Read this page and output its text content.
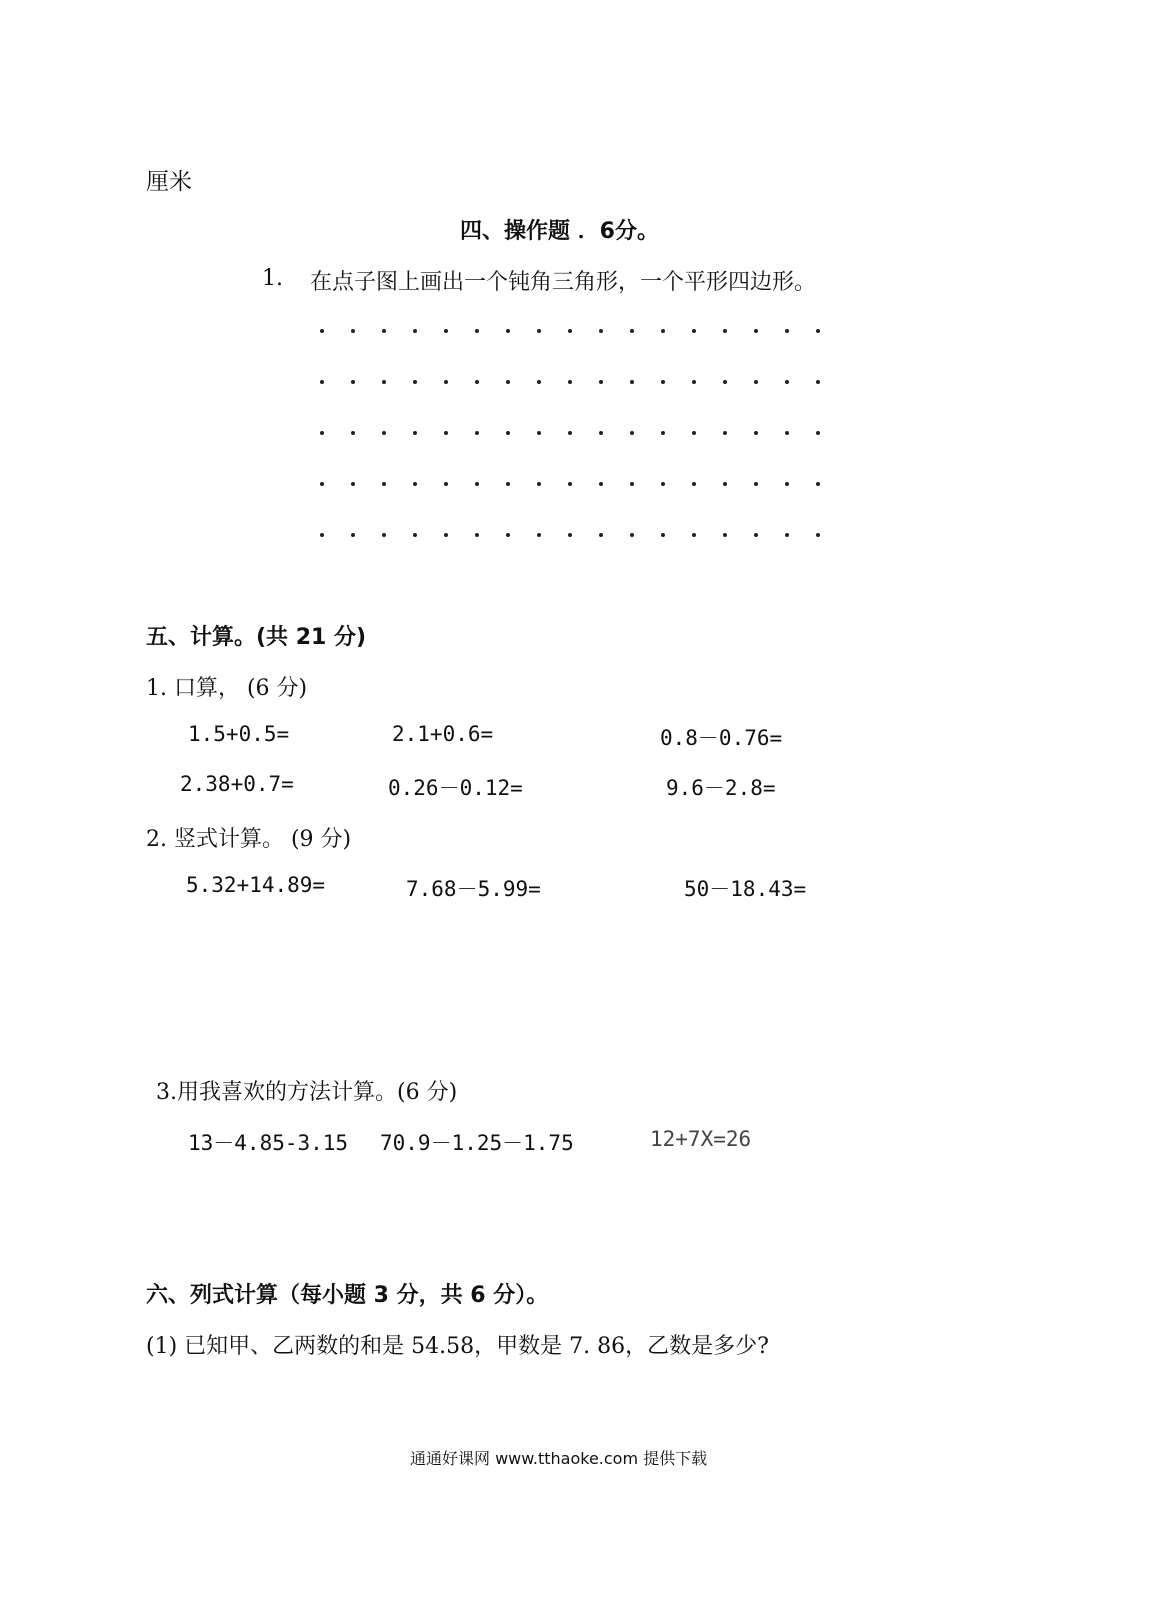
厘米
四、操作题 ．6分。
1. 在点子图上画出一个钝角三角形，一个平形四边形。
五、计算。(共 21 分)
1. 口算， (6 分)
1.5+0.5=	2.1+0.6=	0.8－0.76=
2.38+0.7=	0.26－0.12=	9.6－2.8=
2. 竖式计算。 (9 分)
5.32+14.89=	7.68－5.99=	50－18.43=
3.用我喜欢的方法计算。(6 分)
13－4.85-3.15 70.9－1.25－1.75	12+7X=26
六、列式计算（每小题 3 分，共 6 分）。
(1) 已知甲、乙两数的和是 54.58，甲数是 7. 86，乙数是多少?
通通好课网 www.tthaoke.com 提供下载
